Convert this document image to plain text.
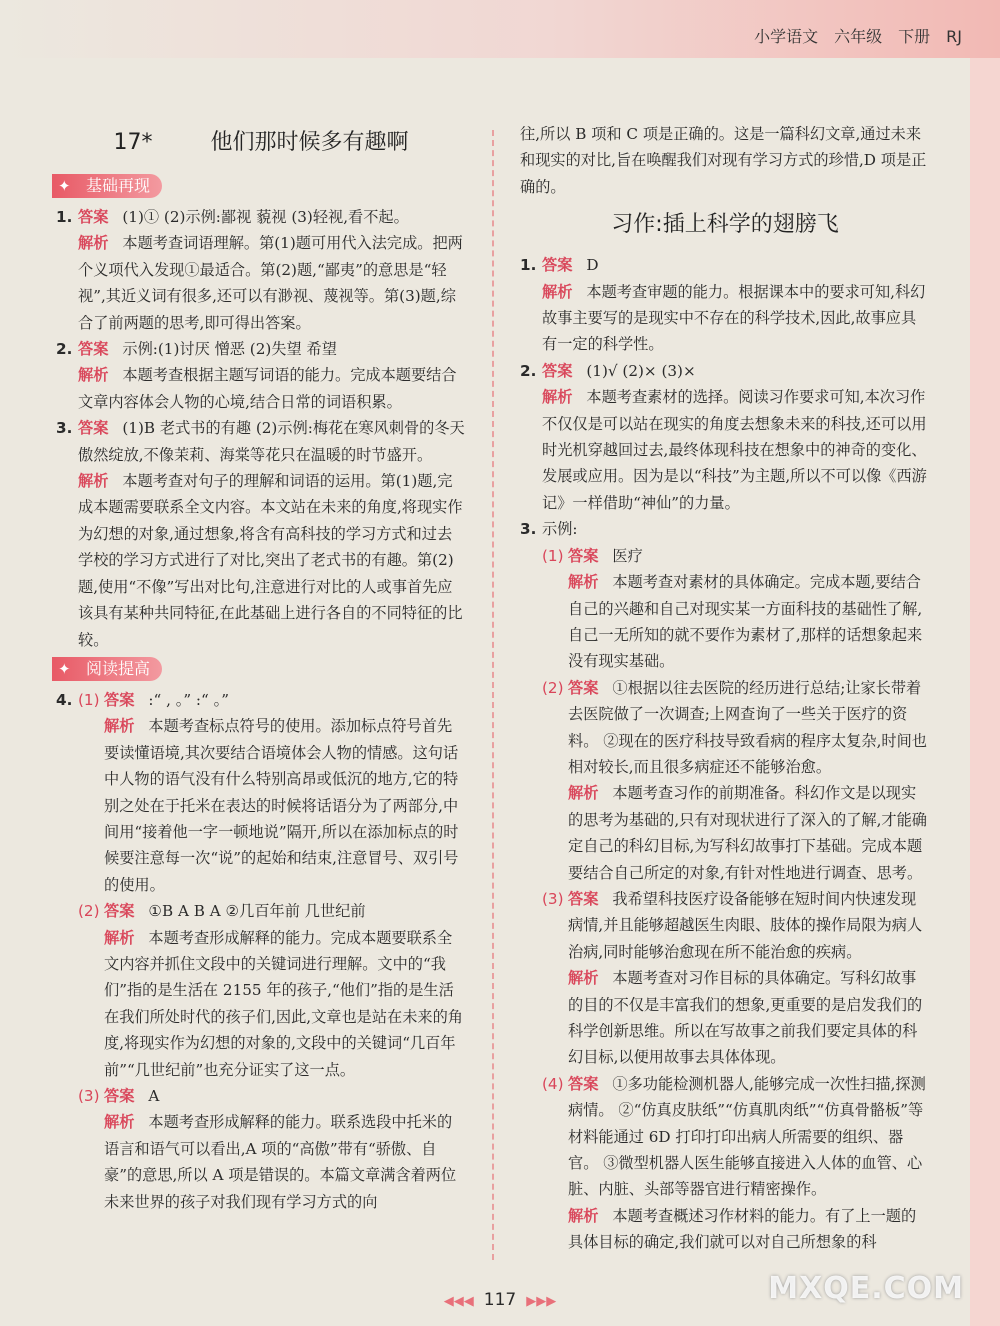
小学语文 六年级 下册 RJ
17*	他们那时候多有趣啊
✦ 基础再现
1. 答案 (1)① (2)示例:鄙视 藐视 (3)轻视,看不起。

解析 本题考查词语理解。第(1)题可用代入法完成。把两个义项代入发现①最适合。第(2)题,“鄙夷”的意思是“轻视”,其近义词有很多,还可以有渺视、蔑视等。第(3)题,综合了前两题的思考,即可得出答案。

2. 答案 示例:(1)讨厌 憎恶 (2)失望 希望

解析 本题考查根据主题写词语的能力。完成本题要结合文章内容体会人物的心境,结合日常的词语积累。

3. 答案 (1)B 老式书的有趣 (2)示例:梅花在寒风刺骨的冬天傲然绽放,不像茉莉、海棠等花只在温暖的时节盛开。

解析 本题考查对句子的理解和词语的运用。第(1)题,完成本题需要联系全文内容。本文站在未来的角度,将现实作为幻想的对象,通过想象,将含有高科技的学习方式和过去学校的学习方式进行了对比,突出了老式书的有趣。第(2)题,使用“不像”写出对比句,注意进行对比的人或事首先应该具有某种共同特征,在此基础上进行各自的不同特征的比较。

✦ 阅读提高
4. (1) 答案 :“ , 。” :“ 。”

解析 本题考查标点符号的使用。添加标点符号首先要读懂语境,其次要结合语境体会人物的情感。这句话中人物的语气没有什么特别高昂或低沉的地方,它的特别之处在于托米在表达的时候将话语分为了两部分,中间用“接着他一字一顿地说”隔开,所以在添加标点的时候要注意每一次“说”的起始和结束,注意冒号、双引号的使用。

(2) 答案 ①B A B A ②几百年前 几世纪前

解析 本题考查形成解释的能力。完成本题要联系全文内容并抓住文段中的关键词进行理解。文中的“我们”指的是生活在 2155 年的孩子,“他们”指的是生活在我们所处时代的孩子们,因此,文章也是站在未来的角度,将现实作为幻想的对象的,文段中的关键词“几百年前”“几世纪前”也充分证实了这一点。

(3) 答案 A

解析 本题考查形成解释的能力。联系选段中托米的语言和语气可以看出,A 项的“高傲”带有“骄傲、自豪”的意思,所以 A 项是错误的。本篇文章满含着两位未来世界的孩子对我们现有学习方式的向

往,所以 B 项和 C 项是正确的。这是一篇科幻文章,通过未来和现实的对比,旨在唤醒我们对现有学习方式的珍惜,D 项是正确的。

习作:插上科学的翅膀飞
1. 答案 D

解析 本题考查审题的能力。根据课本中的要求可知,科幻故事主要写的是现实中不存在的科学技术,因此,故事应具有一定的科学性。

2. 答案 (1)√ (2)× (3)×

解析 本题考查素材的选择。阅读习作要求可知,本次习作不仅仅是可以站在现实的角度去想象未来的科技,还可以用时光机穿越回过去,最终体现科技在想象中的神奇的变化、发展或应用。因为是以“科技”为主题,所以不可以像《西游记》一样借助“神仙”的力量。

3. 示例:

(1) 答案 医疗

解析 本题考查对素材的具体确定。完成本题,要结合自己的兴趣和自己对现实某一方面科技的基础性了解,自己一无所知的就不要作为素材了,那样的话想象起来没有现实基础。

(2) 答案 ①根据以往去医院的经历进行总结;让家长带着去医院做了一次调查;上网查询了一些关于医疗的资料。 ②现在的医疗科技导致看病的程序太复杂,时间也相对较长,而且很多病症还不能够治愈。

解析 本题考查习作的前期准备。科幻作文是以现实的思考为基础的,只有对现状进行了深入的了解,才能确定自己的科幻目标,为写科幻故事打下基础。完成本题要结合自己所定的对象,有针对性地进行调查、思考。

(3) 答案 我希望科技医疗设备能够在短时间内快速发现病情,并且能够超越医生肉眼、肢体的操作局限为病人治病,同时能够治愈现在所不能治愈的疾病。

解析 本题考查对习作目标的具体确定。写科幻故事的目的不仅是丰富我们的想象,更重要的是启发我们的科学创新思维。所以在写故事之前我们要定具体的科幻目标,以便用故事去具体体现。

(4) 答案 ①多功能检测机器人,能够完成一次性扫描,探测病情。 ②“仿真皮肤纸”“仿真肌肉纸”“仿真骨骼板”等材料能通过 6D 打印打印出病人所需要的组织、器官。 ③微型机器人医生能够直接进入人体的血管、心脏、内脏、头部等器官进行精密操作。

解析 本题考查概述习作材料的能力。有了上一题的具体目标的确定,我们就可以对自己所想象的科

◀◀◀ 117 ▶▶▶	MXQE.COM
